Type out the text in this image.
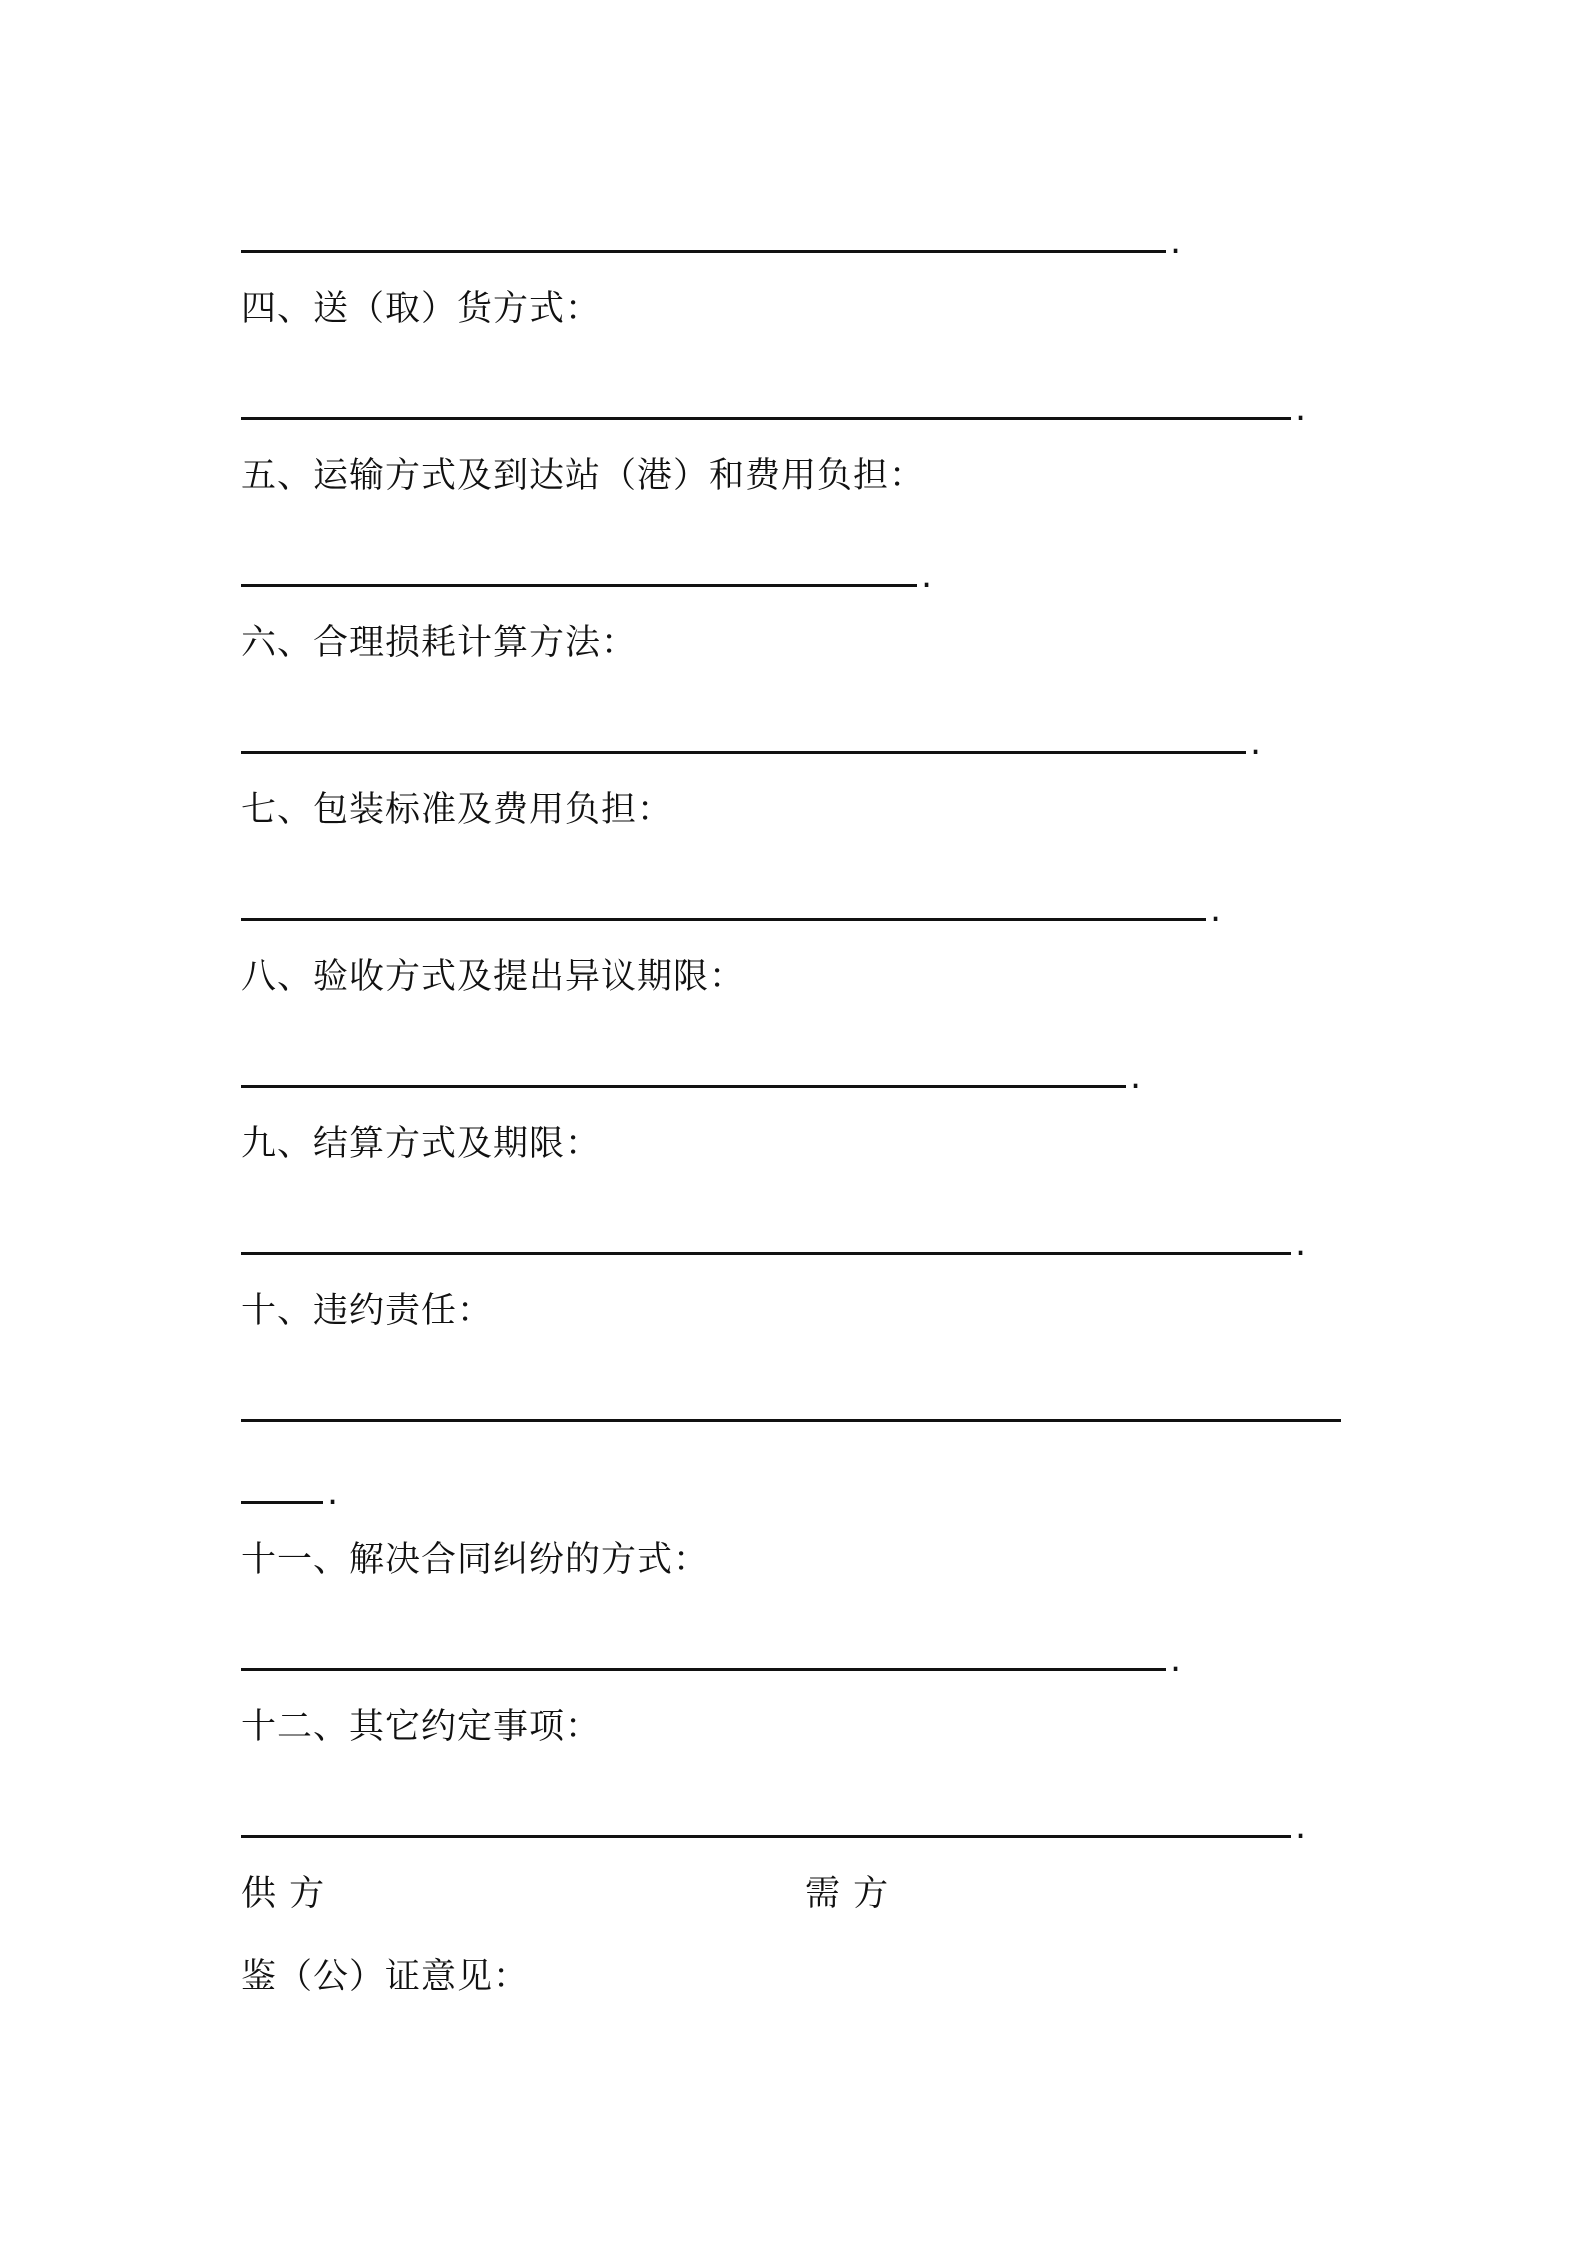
.
四、送（取）货方式：
.
五、运输方式及到达站（港）和费用负担：
.
六、合理损耗计算方法：
.
七、包装标准及费用负担：
.
八、验收方式及提出异议期限：
.
九、结算方式及期限：
.
十、违约责任：
.
十一、解决合同纠纷的方式：
.
十二、其它约定事项：
.
供 方	需 方
鉴（公）证意见：
